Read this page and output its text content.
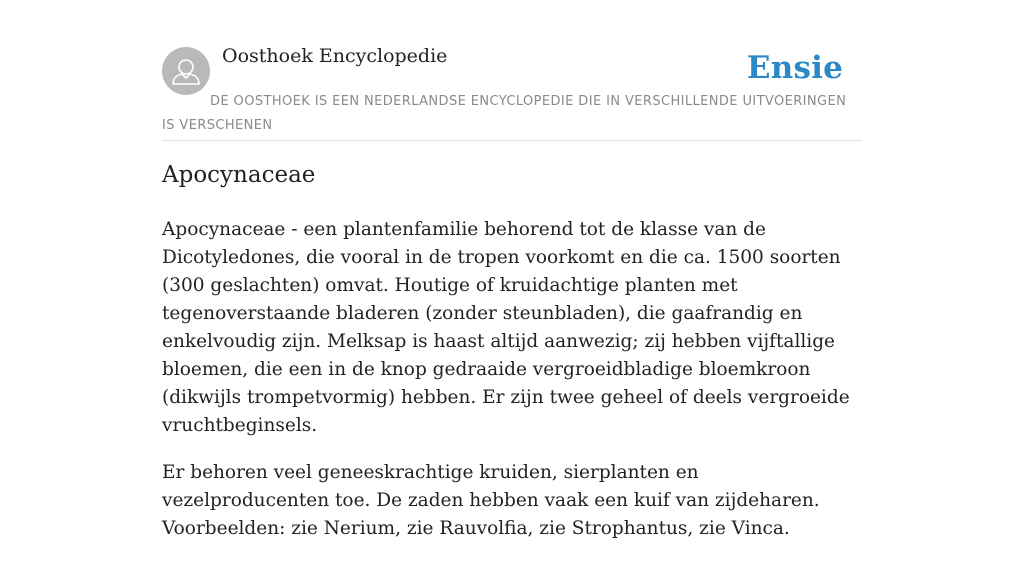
Oosthoek Encyclopedie	Ensie
DE OOSTHOEK IS EEN NEDERLANDSE ENCYCLOPEDIE DIE IN VERSCHILLENDE UITVOERINGEN IS VERSCHENEN
Apocynaceae

Apocynaceae - een plantenfamilie behorend tot de klasse van de Dicotyledones, die vooral in de tropen voorkomt en die ca. 1500 soorten (300 geslachten) omvat. Houtige of kruidachtige planten met tegenoverstaande bladeren (zonder steunbladen), die gaafrandig en enkelvoudig zijn. Melksap is haast altijd aanwezig; zij hebben vijftallige bloemen, die een in de knop gedraaide vergroeidbladige bloemkroon (dikwijls trompetvormig) hebben. Er zijn twee geheel of deels vergroeide vruchtbeginsels.

Er behoren veel geneeskrachtige kruiden, sierplanten en vezelproducenten toe. De zaden hebben vaak een kuif van zijdeharen. Voorbeelden: zie Nerium, zie Rauvolfia, zie Strophantus, zie Vinca.
